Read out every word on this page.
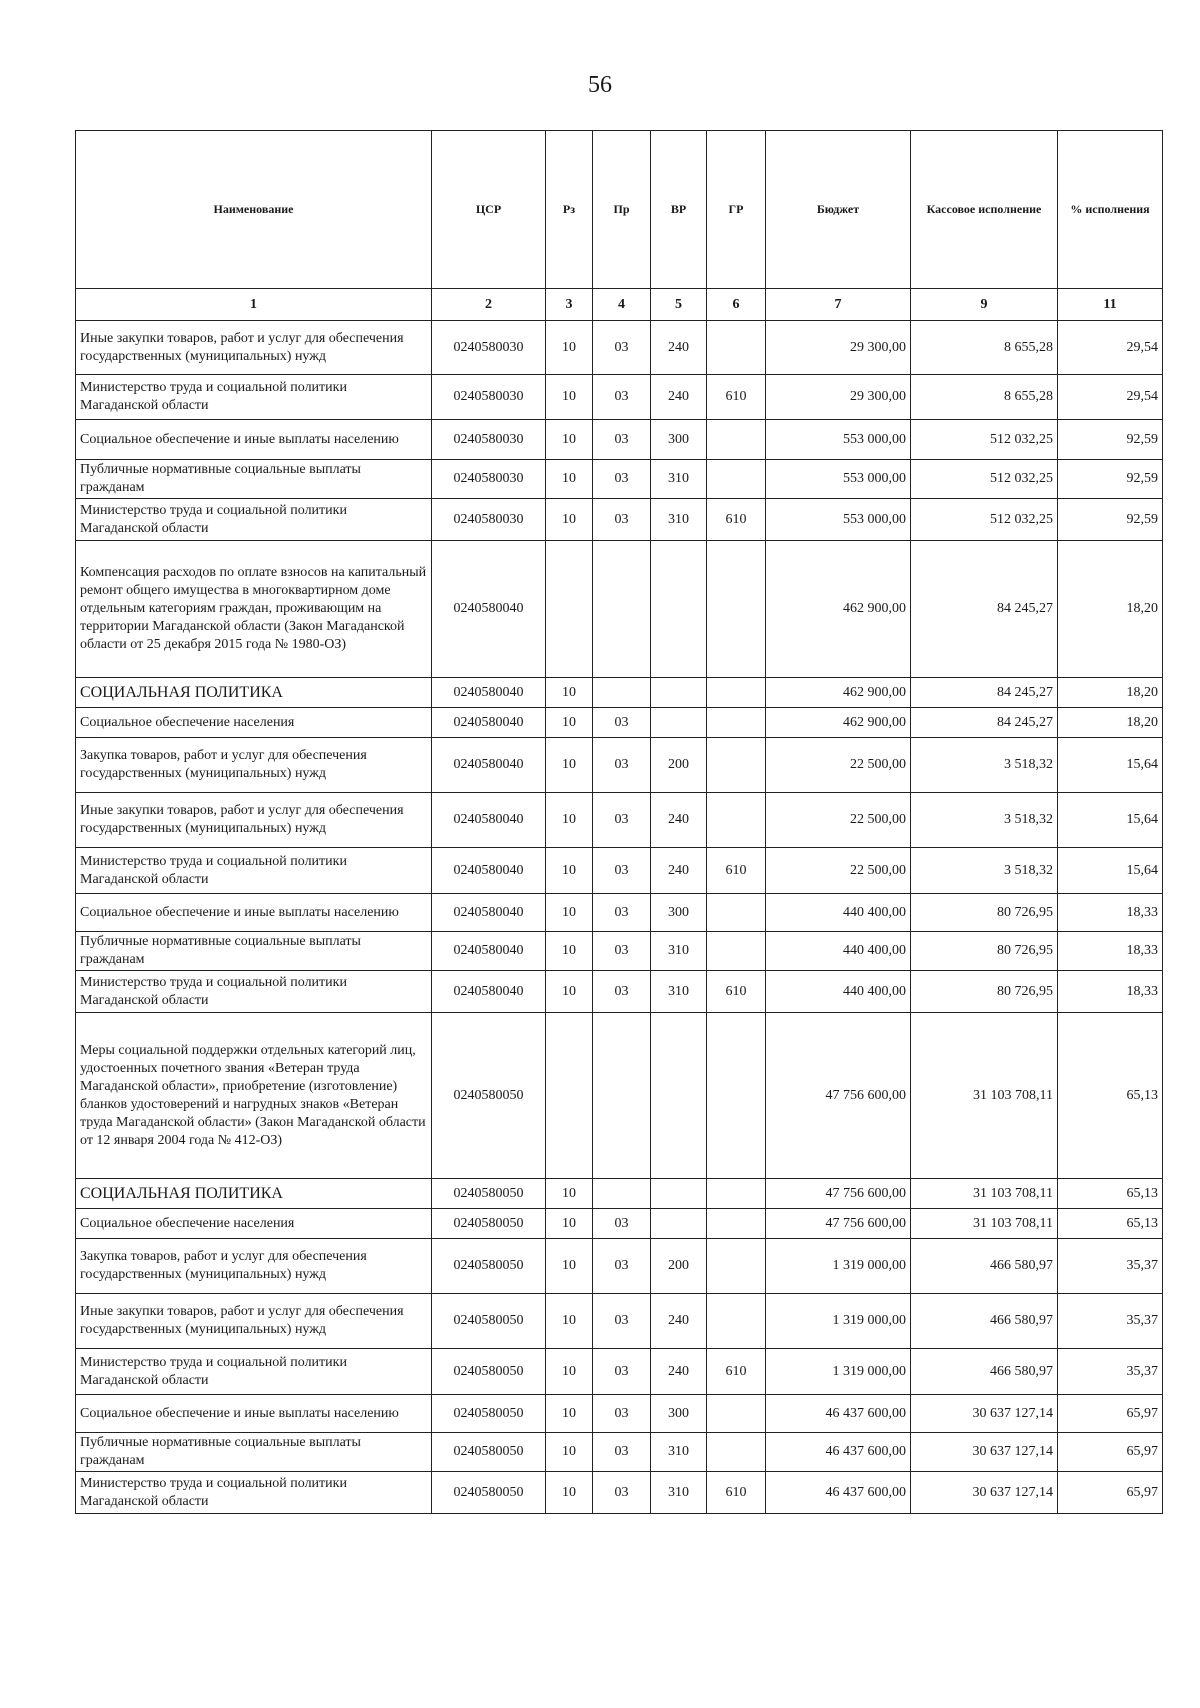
56
Наименование	ЦСР	Рз	Пр	ВР	ГР	Бюджет	Кассовое исполнение	% исполнения
1	2	3	4	5	6	7	9	11
Иные закупки товаров, работ и услуг для обеспечения государственных (муниципальных) нужд	0240580030	10	03	240		29 300,00	8 655,28	29,54
Министерство труда и социальной политики Магаданской области	0240580030	10	03	240	610	29 300,00	8 655,28	29,54
Социальное обеспечение и иные выплаты населению	0240580030	10	03	300		553 000,00	512 032,25	92,59
Публичные нормативные социальные выплаты гражданам	0240580030	10	03	310		553 000,00	512 032,25	92,59
Министерство труда и социальной политики Магаданской области	0240580030	10	03	310	610	553 000,00	512 032,25	92,59
Компенсация расходов по оплате взносов на капитальный ремонт общего имущества в многоквартирном доме отдельным категориям граждан, проживающим на территории Магаданской области (Закон Магаданской области от 25 декабря 2015 года № 1980-ОЗ)	0240580040					462 900,00	84 245,27	18,20
СОЦИАЛЬНАЯ ПОЛИТИКА	0240580040	10				462 900,00	84 245,27	18,20
Социальное обеспечение населения	0240580040	10	03			462 900,00	84 245,27	18,20
Закупка товаров, работ и услуг для обеспечения государственных (муниципальных) нужд	0240580040	10	03	200		22 500,00	3 518,32	15,64
Иные закупки товаров, работ и услуг для обеспечения государственных (муниципальных) нужд	0240580040	10	03	240		22 500,00	3 518,32	15,64
Министерство труда и социальной политики Магаданской области	0240580040	10	03	240	610	22 500,00	3 518,32	15,64
Социальное обеспечение и иные выплаты населению	0240580040	10	03	300		440 400,00	80 726,95	18,33
Публичные нормативные социальные выплаты гражданам	0240580040	10	03	310		440 400,00	80 726,95	18,33
Министерство труда и социальной политики Магаданской области	0240580040	10	03	310	610	440 400,00	80 726,95	18,33
Меры социальной поддержки отдельных категорий лиц, удостоенных почетного звания «Ветеран труда Магаданской области», приобретение (изготовление) бланков удостоверений и нагрудных знаков «Ветеран труда Магаданской области» (Закон Магаданской области от 12 января 2004 года № 412-ОЗ)	0240580050					47 756 600,00	31 103 708,11	65,13
СОЦИАЛЬНАЯ ПОЛИТИКА	0240580050	10				47 756 600,00	31 103 708,11	65,13
Социальное обеспечение населения	0240580050	10	03			47 756 600,00	31 103 708,11	65,13
Закупка товаров, работ и услуг для обеспечения государственных (муниципальных) нужд	0240580050	10	03	200		1 319 000,00	466 580,97	35,37
Иные закупки товаров, работ и услуг для обеспечения государственных (муниципальных) нужд	0240580050	10	03	240		1 319 000,00	466 580,97	35,37
Министерство труда и социальной политики Магаданской области	0240580050	10	03	240	610	1 319 000,00	466 580,97	35,37
Социальное обеспечение и иные выплаты населению	0240580050	10	03	300		46 437 600,00	30 637 127,14	65,97
Публичные нормативные социальные выплаты гражданам	0240580050	10	03	310		46 437 600,00	30 637 127,14	65,97
Министерство труда и социальной политики Магаданской области	0240580050	10	03	310	610	46 437 600,00	30 637 127,14	65,97
